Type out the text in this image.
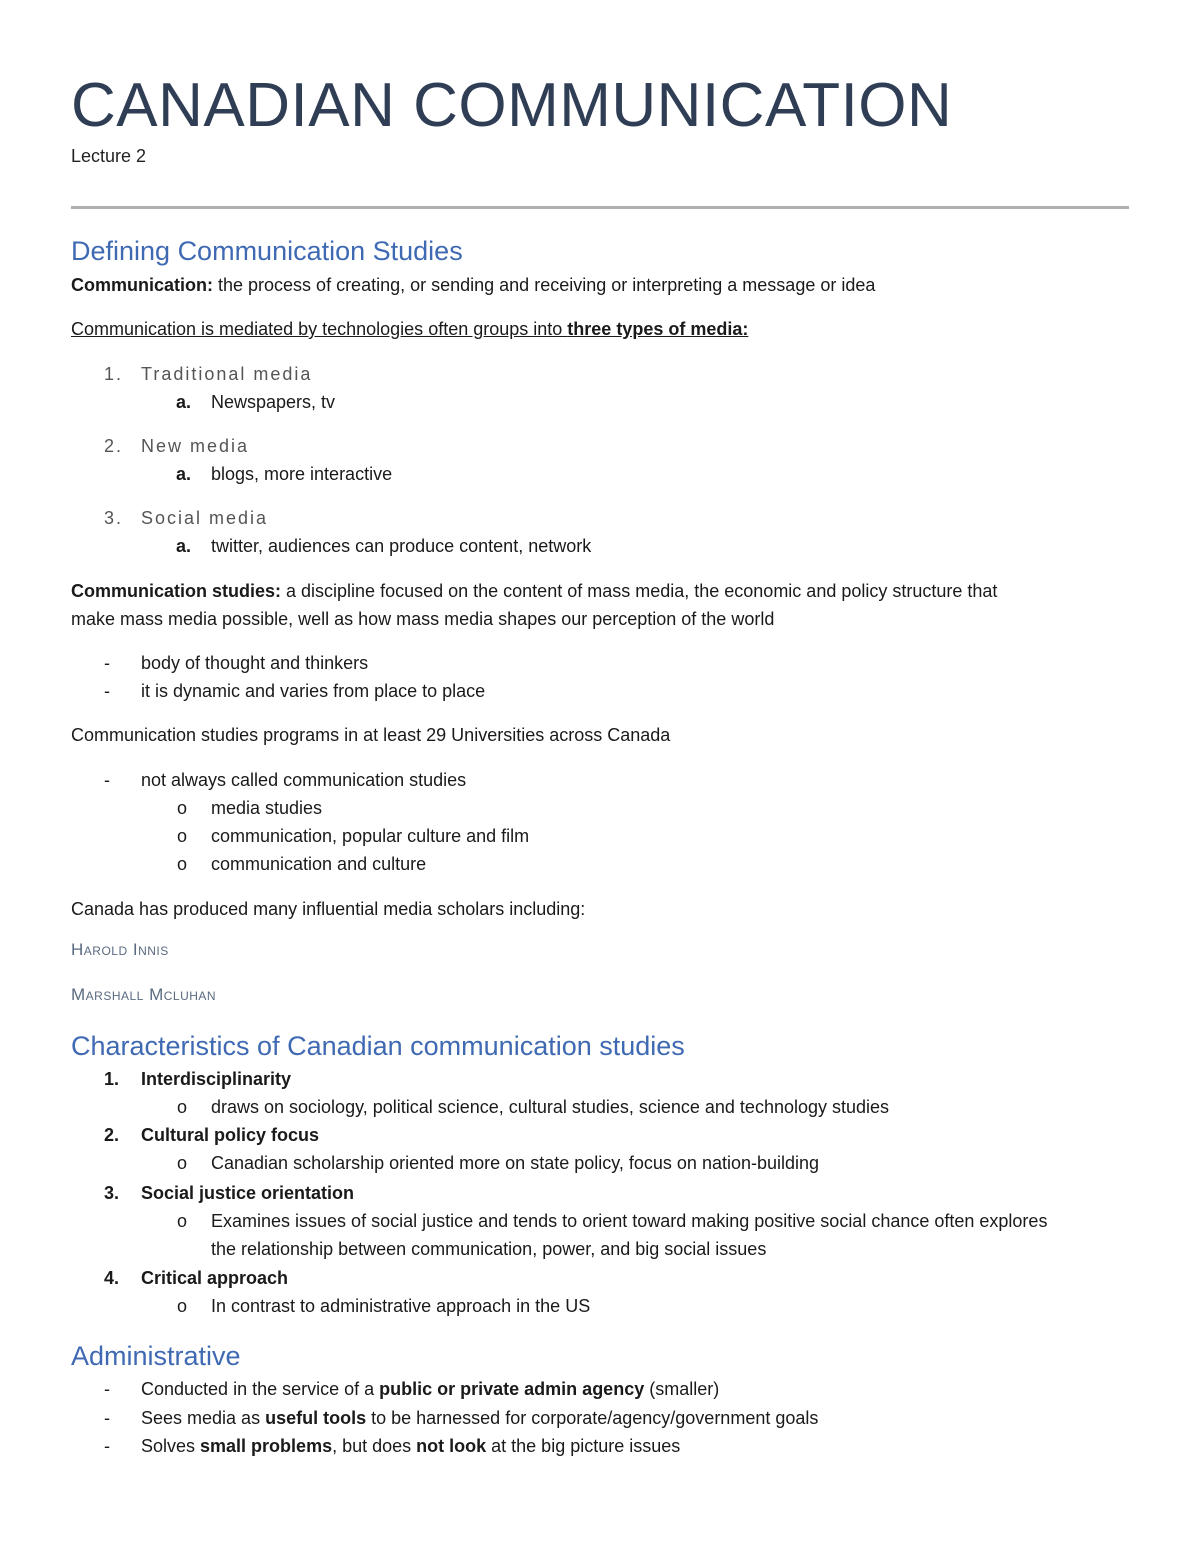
CANADIAN COMMUNICATION
Lecture 2
Defining Communication Studies
Communication: the process of creating, or sending and receiving or interpreting a message or idea
Communication is mediated by technologies often groups into three types of media:
1. Traditional media
a. Newspapers, tv
2. New media
a. blogs, more interactive
3. Social media
a. twitter, audiences can produce content, network
Communication studies: a discipline focused on the content of mass media, the economic and policy structure that
make mass media possible, well as how mass media shapes our perception of the world
- body of thought and thinkers
- it is dynamic and varies from place to place
Communication studies programs in at least 29 Universities across Canada
- not always called communication studies
o media studies
o communication, popular culture and film
o communication and culture
Canada has produced many influential media scholars including:
Harold Innis
Marshall Mcluhan
Characteristics of Canadian communication studies
1. Interdisciplinarity
o draws on sociology, political science, cultural studies, science and technology studies
2. Cultural policy focus
o Canadian scholarship oriented more on state policy, focus on nation-building
3. Social justice orientation
o Examines issues of social justice and tends to orient toward making positive social chance often explores
the relationship between communication, power, and big social issues
4. Critical approach
o In contrast to administrative approach in the US
Administrative
- Conducted in the service of a public or private admin agency (smaller)
- Sees media as useful tools to be harnessed for corporate/agency/government goals
- Solves small problems, but does not look at the big picture issues
